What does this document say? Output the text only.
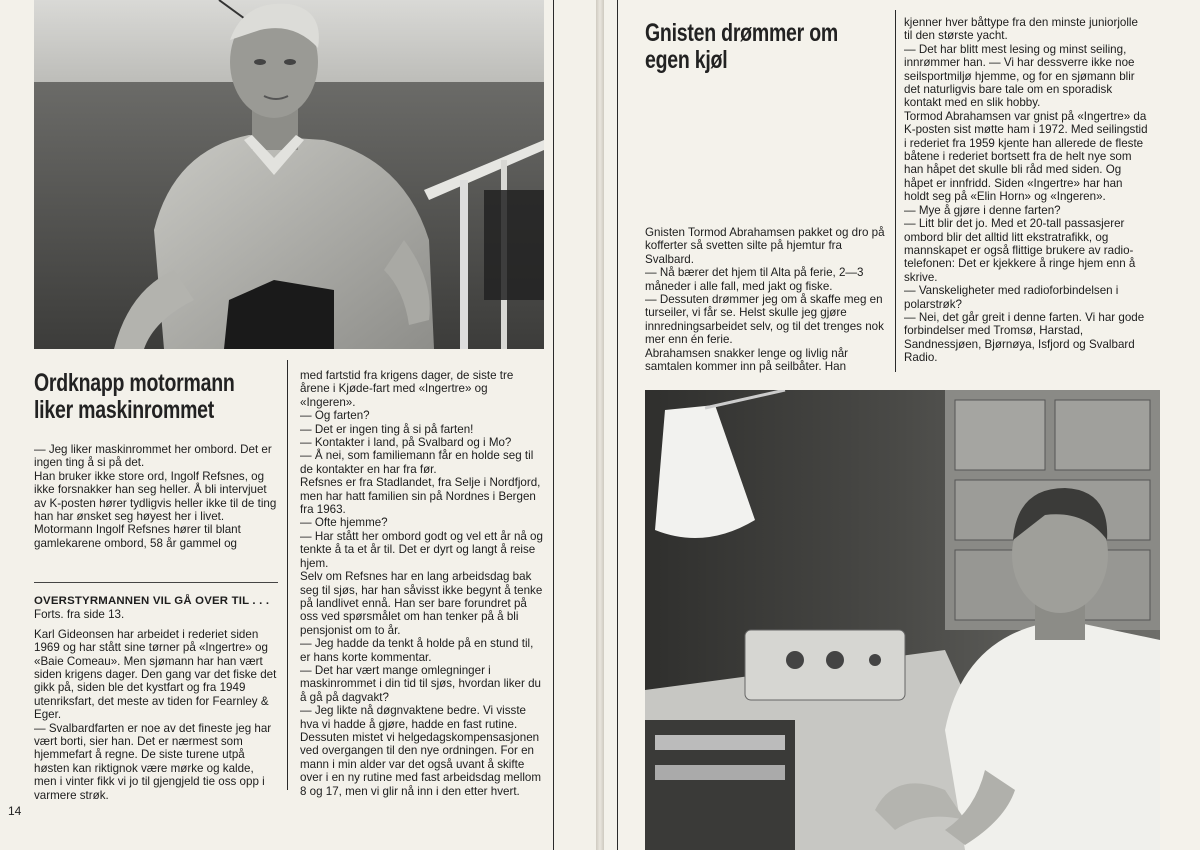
Ordknapp motormann
liker maskinrommet

— Jeg liker maskinrommet her ombord. Det er ingen ting å si på det.

Han bruker ikke store ord, Ingolf Refsnes, og ikke forsnakker han seg heller. Å bli intervjuet av K-posten hører tydligvis heller ikke til de ting han har ønsket seg høyest her i livet.

Motormann Ingolf Refsnes hører til blant gamlekarene ombord, 58 år gammel og

OVERSTYRMANNEN VIL GÅ OVER TIL . . .

Forts. fra side 13.

Karl Gideonsen har arbeidet i rederiet siden 1969 og har stått sine tørner på «Ingertre» og «Baie Comeau». Men sjømann har han vært siden krigens dager. Den gang var det fiske det gikk på, siden ble det kystfart og fra 1949 utenriksfart, det meste av tiden for Fearnley & Eger.

— Svalbardfarten er noe av det fineste jeg har vært borti, sier han. Det er nærmest som hjemmefart å regne. De siste turene utpå høsten kan riktignok være mørke og kalde, men i vinter fikk vi jo til gjengjeld tie oss opp i varmere strøk.

med fartstid fra krigens dager, de siste tre årene i Kjøde-fart med «Ingertre» og «Ingeren».

— Og farten?

— Det er ingen ting å si på farten!

— Kontakter i land, på Svalbard og i Mo?

— Å nei, som familiemann får en holde seg til de kontakter en har fra før.

Refsnes er fra Stadlandet, fra Selje i Nordfjord, men har hatt familien sin på Nordnes i Bergen fra 1963.

— Ofte hjemme?

— Har stått her ombord godt og vel ett år nå og tenkte å ta et år til. Det er dyrt og langt å reise hjem.

Selv om Refsnes har en lang arbeidsdag bak seg til sjøs, har han såvisst ikke begynt å tenke på landlivet ennå. Han ser bare forundret på oss ved spørsmålet om han tenker på å bli pensjonist om to år.

— Jeg hadde da tenkt å holde på en stund til, er hans korte kommentar.

— Det har vært mange omlegninger i maskinrommet i din tid til sjøs, hvordan liker du å gå på dagvakt?

— Jeg likte nå døgnvaktene bedre. Vi visste hva vi hadde å gjøre, hadde en fast rutine. Dessuten mistet vi helgedagskompensasjonen ved overgangen til den nye ordningen. For en mann i min alder var det også uvant å skifte over i en ny rutine med fast arbeidsdag mellom 8 og 17, men vi glir nå inn i den etter hvert.

14
Gnisten drømmer om
egen kjøl

Gnisten Tormod Abrahamsen pakket og dro på kofferter så svetten silte på hjemtur fra Svalbard.

— Nå bærer det hjem til Alta på ferie, 2—3 måneder i alle fall, med jakt og fiske.

— Dessuten drømmer jeg om å skaffe meg en turseiler, vi får se. Helst skulle jeg gjøre innredningsarbeidet selv, og til det trenges nok mer enn én ferie.

Abrahamsen snakker lenge og livlig når samtalen kommer inn på seilbåter. Han

kjenner hver båttype fra den minste juniorjolle til den største yacht.

— Det har blitt mest lesing og minst seiling, innrømmer han. — Vi har dessverre ikke noe seilsportmiljø hjemme, og for en sjømann blir det naturligvis bare tale om en sporadisk kontakt med en slik hobby.

Tormod Abrahamsen var gnist på «Ingertre» da K-posten sist møtte ham i 1972. Med seilingstid i rederiet fra 1959 kjente han allerede de fleste båtene i rederiet bortsett fra de helt nye som han håpet det skulle bli råd med siden. Og håpet er innfridd. Siden «Ingertre» har han holdt seg på «Elin Horn» og «Ingeren».

— Mye å gjøre i denne farten?

— Litt blir det jo. Med et 20-tall passasjerer ombord blir det alltid litt ekstratrafikk, og mannskapet er også flittige brukere av radio-telefonen: Det er kjekkere å ringe hjem enn å skrive.

— Vanskeligheter med radioforbindelsen i polarstrøk?

— Nei, det går greit i denne farten. Vi har gode forbindelser med Tromsø, Harstad, Sandnessjøen, Bjørnøya, Isfjord og Svalbard Radio.
